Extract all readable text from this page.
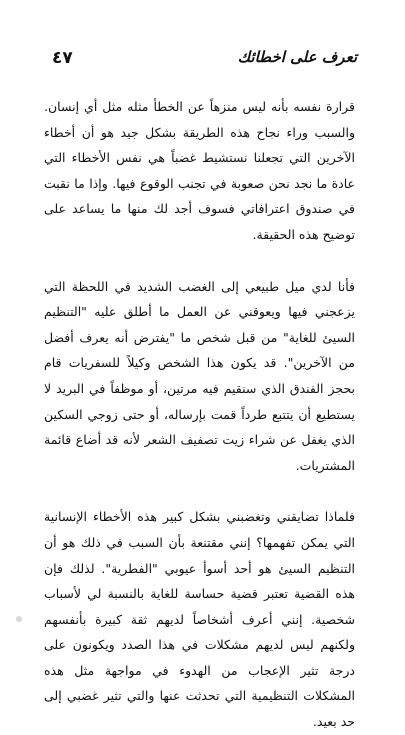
٤٧	تعرف على اخطائك

قرارة نفسه بأنه ليس منزهاً عن الخطأ مثله مثل أي إنسان. والسبب وراء نجاح هذه الطريقة بشكل جيد هو أن أخطاء الآخرين التي تجعلنا نستشيط غضباً هي نفس الأخطاء التي عادة ما نجد نحن صعوبة في تجنب الوقوع فيها. وإذا ما نقبت في صندوق اعترافاتي فسوف أجد لك منها ما يساعد على توضيح هذه الحقيقة.

فأنا لدي ميل طبيعي إلى الغضب الشديد في اللحظة التي يزعجني فيها ويعوقني عن العمل ما أطلق عليه "التنظيم السيئ للغاية" من قبل شخص ما "يفترض أنه يعرف أفضل من الآخرين". قد يكون هذا الشخص وكيلاً للسفريات قام بحجز الفندق الذي سنقيم فيه مرتين، أو موظفاً في البريد لا يستطيع أن يتتبع طرداً قمت بإرساله، أو حتى زوجي السكين الذي يغفل عن شراء زيت تصفيف الشعر لأنه قد أضاع قائمة المشتريات.

فلماذا تضايقني وتغضبني بشكل كبير هذه الأخطاء الإنسانية التي يمكن تفهمها؟ إنني مقتنعة بأن السبب في ذلك هو أن التنظيم السيئ هو أحد أسوأ عيوبي "الفطرية". لذلك فإن هذه القضية تعتبر قضية حساسة للغاية بالنسبة لي لأسباب شخصية. إنني أعرف أشخاصاً لديهم ثقة كبيرة بأنفسهم ولكنهم ليس لديهم مشكلات في هذا الصدد ويكونون على درجة تثير الإعجاب من الهدوء في مواجهة مثل هذه المشكلات التنظيمية التي تحدثت عنها والتي تثير غضبي إلى حد بعيد.
